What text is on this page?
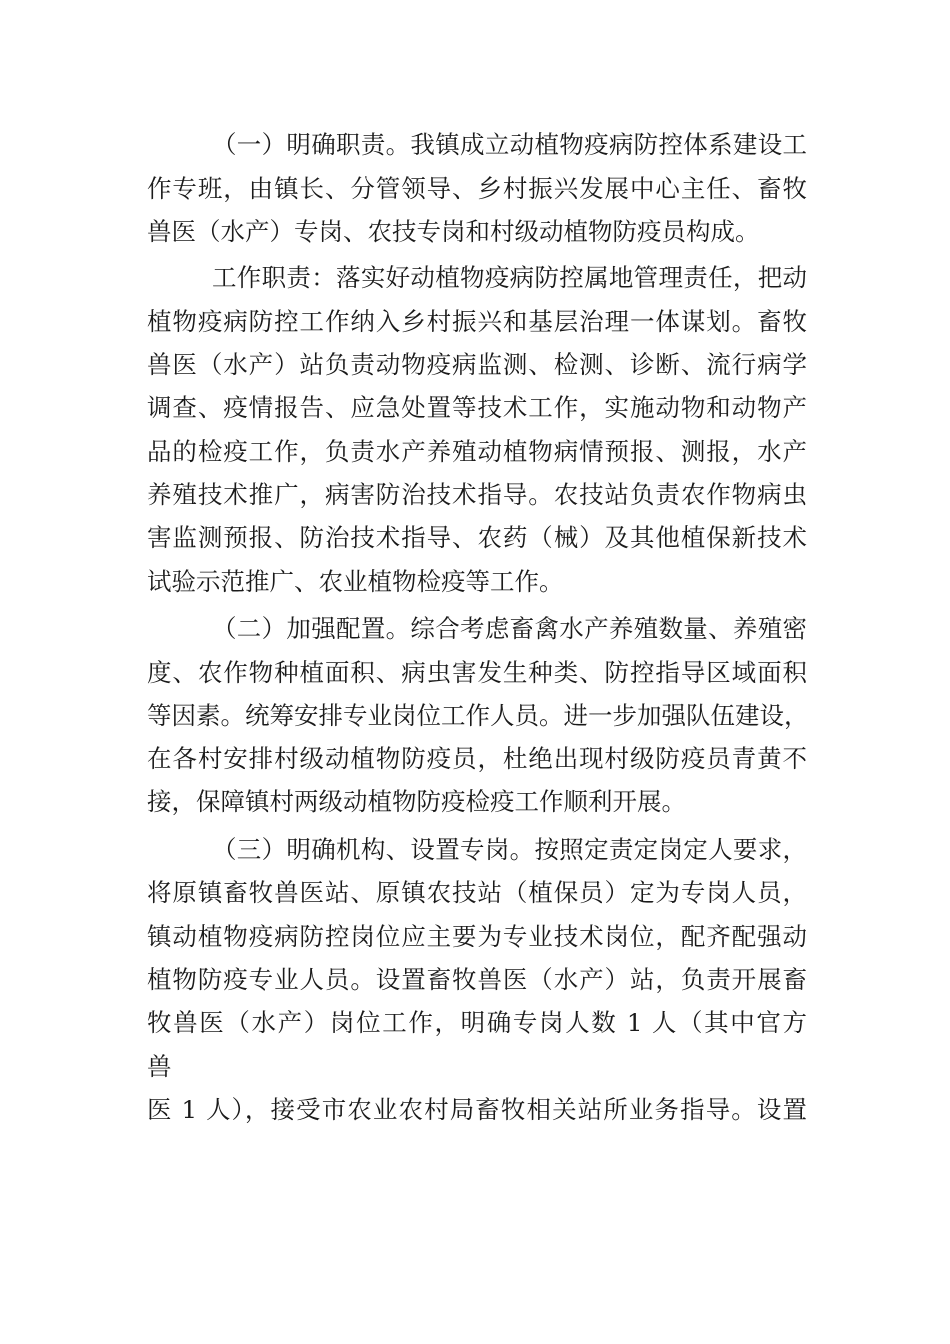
（一）明确职责。我镇成立动植物疫病防控体系建设工
作专班，由镇长、分管领导、乡村振兴发展中心主任、畜牧
兽医（水产）专岗、农技专岗和村级动植物防疫员构成。
工作职责：落实好动植物疫病防控属地管理责任，把动
植物疫病防控工作纳入乡村振兴和基层治理一体谋划。畜牧
兽医（水产）站负责动物疫病监测、检测、诊断、流行病学
调查、疫情报告、应急处置等技术工作，实施动物和动物产
品的检疫工作，负责水产养殖动植物病情预报、测报，水产
养殖技术推广，病害防治技术指导。农技站负责农作物病虫
害监测预报、防治技术指导、农药（械）及其他植保新技术
试验示范推广、农业植物检疫等工作。
（二）加强配置。综合考虑畜禽水产养殖数量、养殖密
度、农作物种植面积、病虫害发生种类、防控指导区域面积
等因素。统筹安排专业岗位工作人员。进一步加强队伍建设，
在各村安排村级动植物防疫员，杜绝出现村级防疫员青黄不
接，保障镇村两级动植物防疫检疫工作顺利开展。
（三）明确机构、设置专岗。按照定责定岗定人要求，
将原镇畜牧兽医站、原镇农技站（植保员）定为专岗人员，
镇动植物疫病防控岗位应主要为专业技术岗位，配齐配强动
植物防疫专业人员。设置畜牧兽医（水产）站，负责开展畜
牧兽医（水产）岗位工作，明确专岗人数 1 人（其中官方
兽
医 1 人），接受市农业农村局畜牧相关站所业务指导。设置
